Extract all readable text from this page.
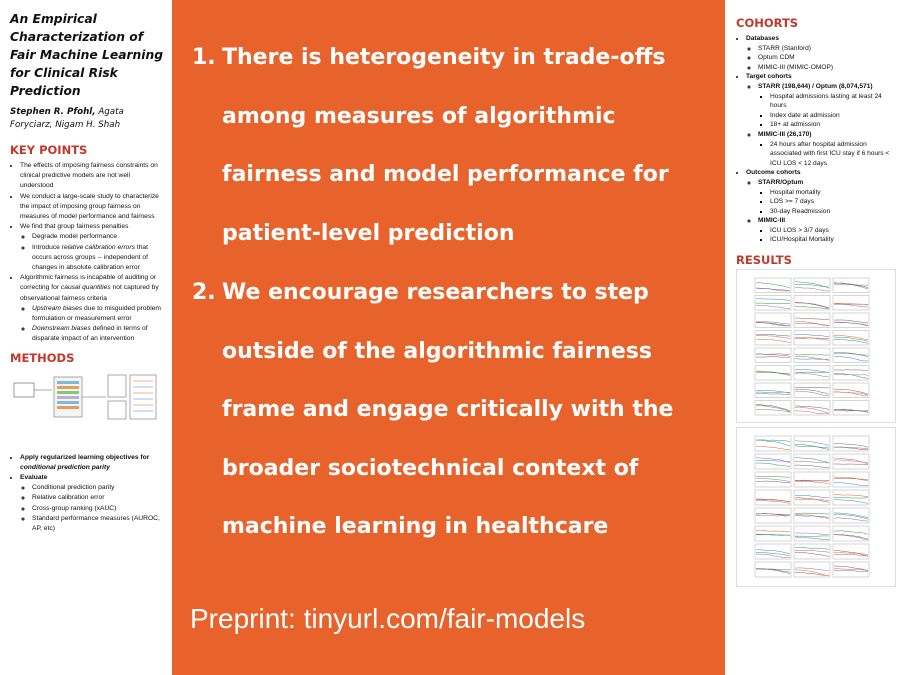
An Empirical Characterization of Fair Machine Learning for Clinical Risk Prediction
Stephen R. Pfohl, Agata Foryciarz, Nigam H. Shah
KEY POINTS
• The effects of imposing fairness constraints on clinical predictive models are not well understood
• We conduct a large-scale study to characterize the impact of imposing group fairness on measures of model performance and fairness
• We find that group fairness penalties
◦ Degrade model performance
◦ Introduce relative calibration errors that occurs across groups -- independent of changes in absolute calibration error
• Algorithmic fairness is incapable of auditing or correcting for causal quantities not captured by observational fairness criteria
◦ Upstream biases due to misguided problem formulation or measurement error
◦ Downstream biases defined in terms of disparate impact of an intervention
METHODS
• Apply regularized learning objectives for conditional prediction parity
• Evaluate
◦ Conditional prediction parity
◦ Relative calibration error
◦ Cross-group ranking (xAUC)
◦ Standard performance measures (AUROC, AP, etc)
1. There is heterogeneity in trade-offs
among measures of algorithmic
fairness and model performance for
patient-level prediction
2. We encourage researchers to step
outside of the algorithmic fairness
frame and engage critically with the
broader sociotechnical context of
machine learning in healthcare
Preprint: tinyurl.com/fair-models
COHORTS
• Databases
◦ STARR (Stanford)
◦ Optum CDM
◦ MIMIC-III (MIMIC-OMOP)
• Target cohorts
◦ STARR (198,644) / Optum (8,074,571)
▪ Hospital admissions lasting at least 24 hours
▪ Index date at admission
▪ 18+ at admission
◦ MIMIC-III (26,170)
▪ 24 hours after hospital admission associated with first ICU stay if 6 hours < ICU LOS < 12 days
• Outcome cohorts
◦ STARR/Optum
▪ Hospital mortality
▪ LOS >= 7 days
▪ 30-day Readmission
◦ MIMIC-III
▪ ICU LOS > 3/7 days
▪ ICU/Hospital Mortality
RESULTS
